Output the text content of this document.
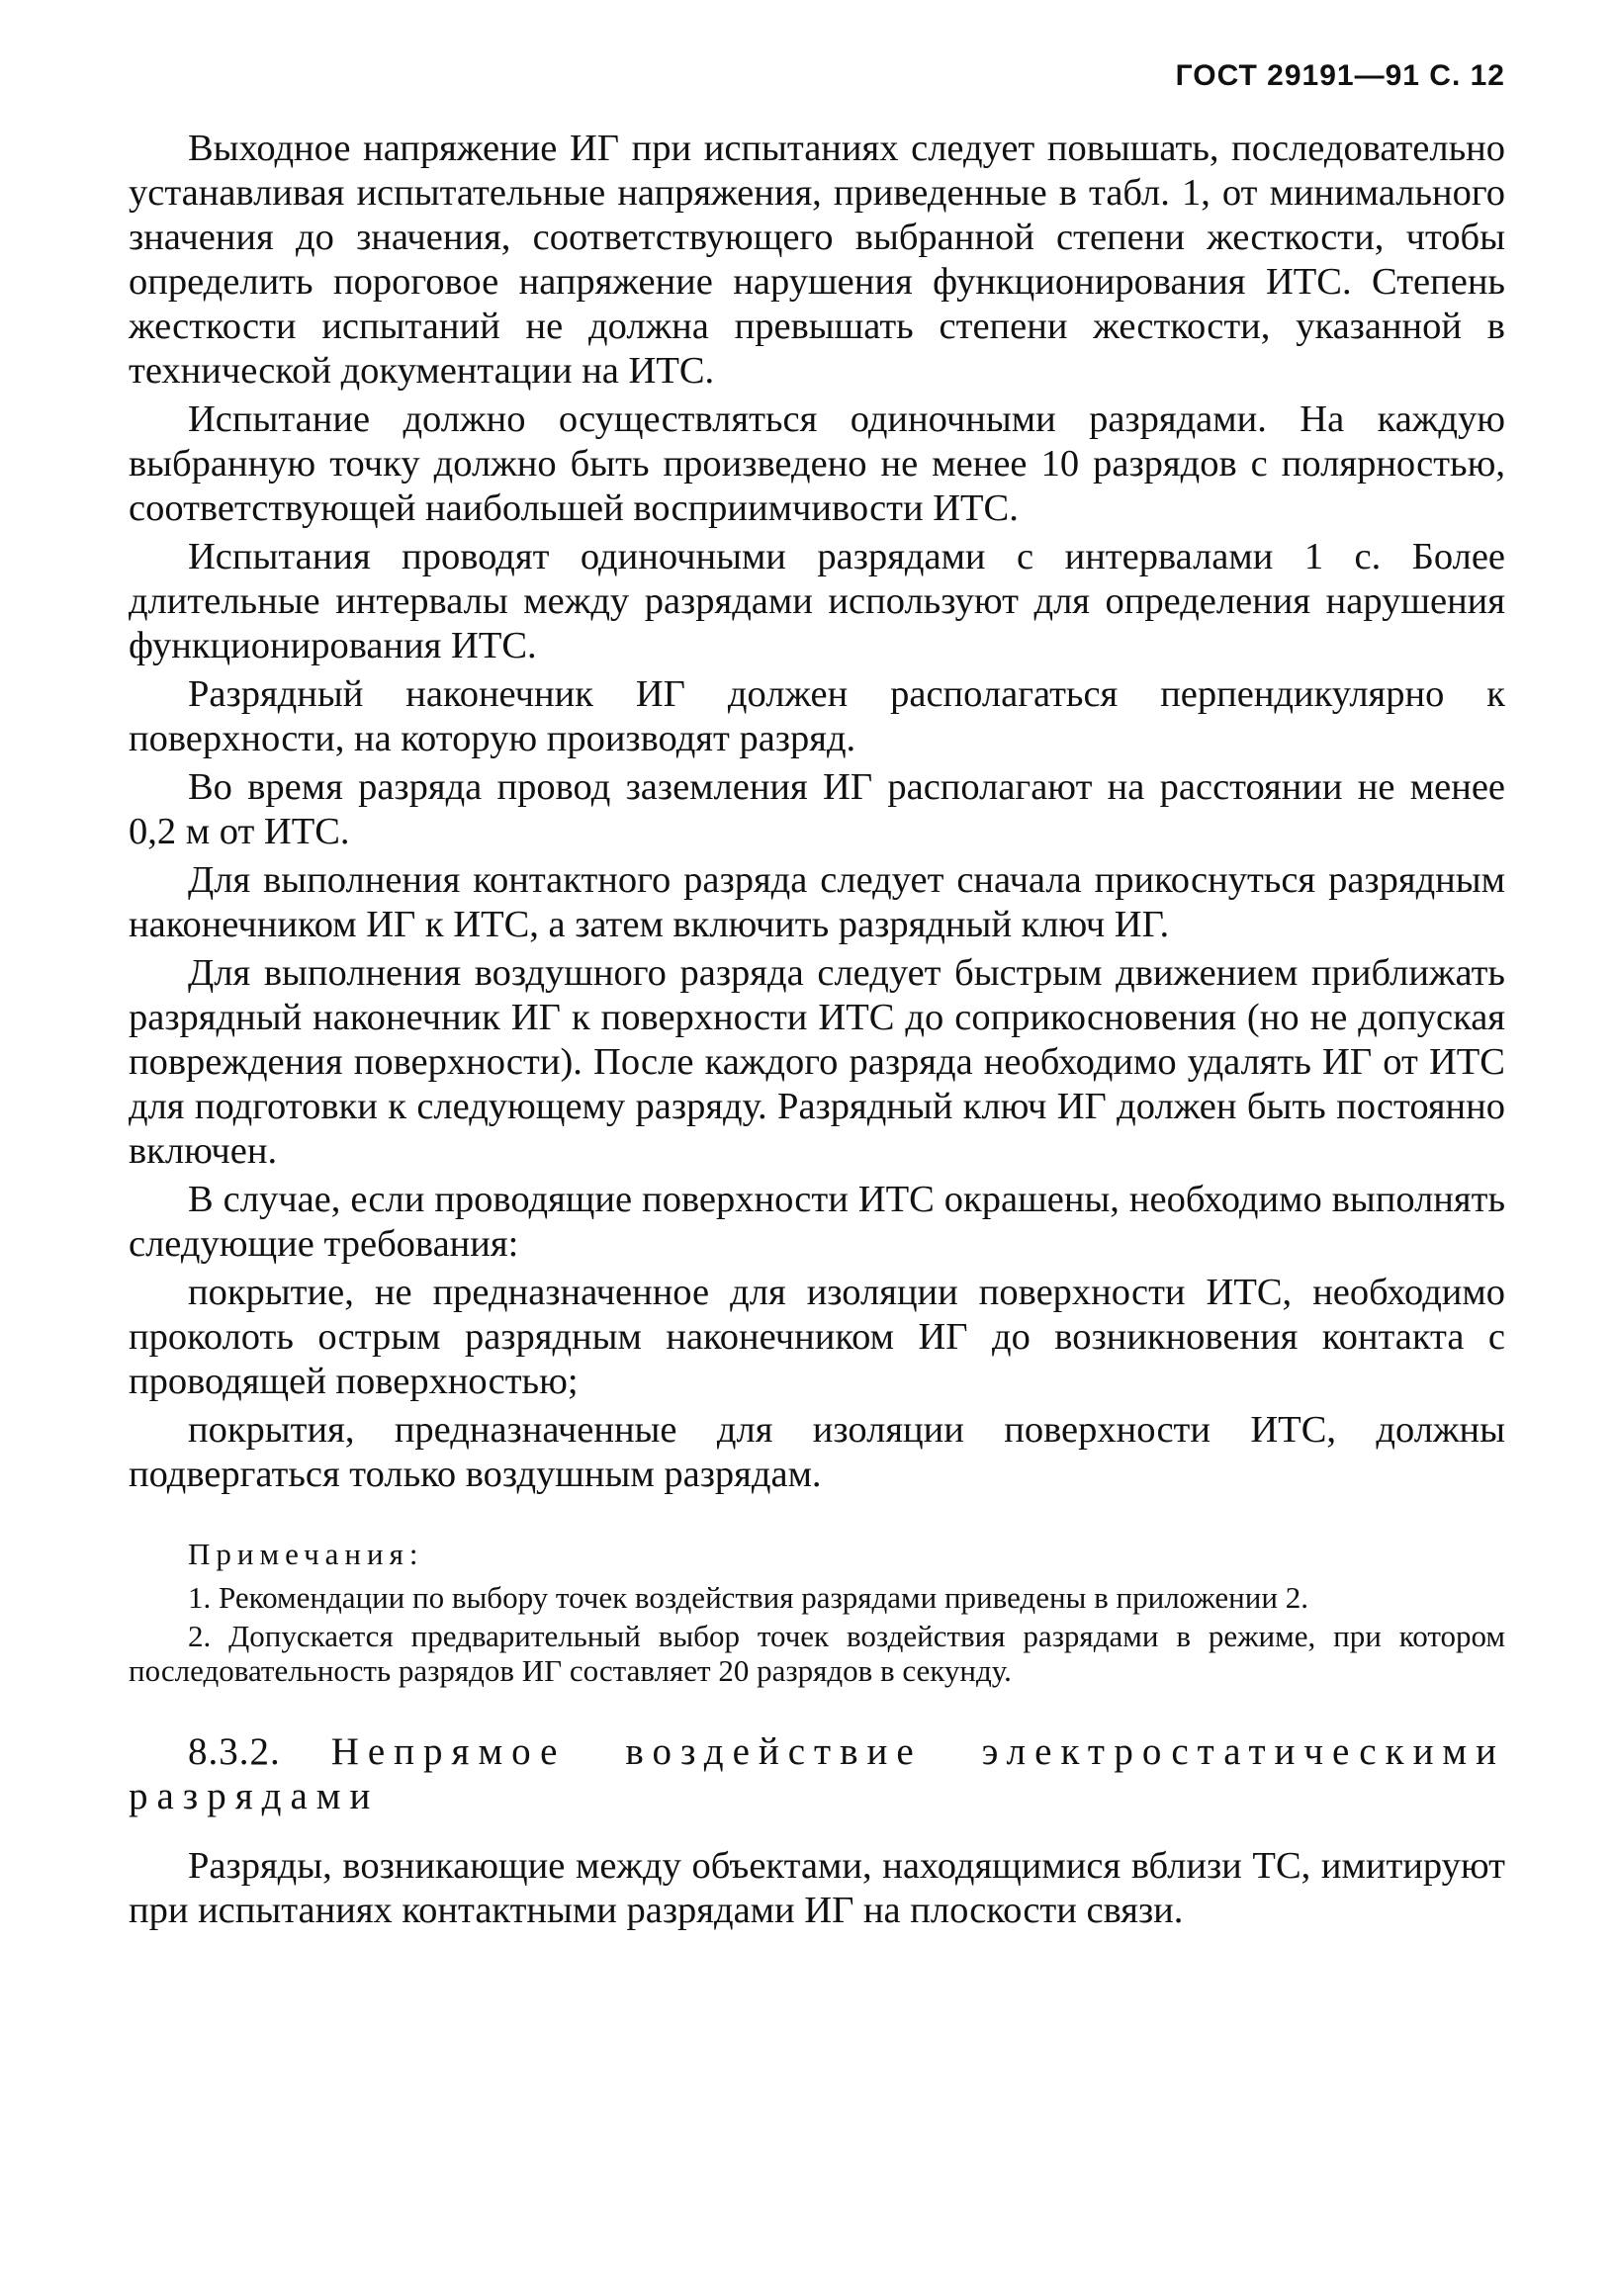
ГОСТ 29191—91 С. 12

Выходное напряжение ИГ при испытаниях следует повышать, последовательно устанавливая испытательные напряжения, приведенные в табл. 1, от минимального значения до значения, соответствующего выбранной степени жесткости, чтобы определить пороговое напряжение нарушения функционирования ИТС. Степень жесткости испытаний не должна превышать степени жесткости, указанной в технической документации на ИТС.

Испытание должно осуществляться одиночными разрядами. На каждую выбранную точку должно быть произведено не менее 10 разрядов с полярностью, соответствующей наибольшей восприимчивости ИТС.

Испытания проводят одиночными разрядами с интервалами 1 с. Более длительные интервалы между разрядами используют для определения нарушения функционирования ИТС.

Разрядный наконечник ИГ должен располагаться перпендикулярно к поверхности, на которую производят разряд.

Во время разряда провод заземления ИГ располагают на расстоянии не менее 0,2 м от ИТС.

Для выполнения контактного разряда следует сначала прикоснуться разрядным наконечником ИГ к ИТС, а затем включить разрядный ключ ИГ.

Для выполнения воздушного разряда следует быстрым движением приближать разрядный наконечник ИГ к поверхности ИТС до соприкосновения (но не допуская повреждения поверхности). После каждого разряда необходимо удалять ИГ от ИТС для подготовки к следующему разряду. Разрядный ключ ИГ должен быть постоянно включен.

В случае, если проводящие поверхности ИТС окрашены, необходимо выполнять следующие требования:

покрытие, не предназначенное для изоляции поверхности ИТС, необходимо проколоть острым разрядным наконечником ИГ до возникновения контакта с проводящей поверхностью;

покрытия, предназначенные для изоляции поверхности ИТС, должны подвергаться только воздушным разрядам.

Примечания:
1. Рекомендации по выбору точек воздействия разрядами приведены в приложении 2.
2. Допускается предварительный выбор точек воздействия разрядами в режиме, при котором последовательность разрядов ИГ составляет 20 разрядов в секунду.
8.3.2. Непрямое воздействие электростатическими разрядами

Разряды, возникающие между объектами, находящимися вблизи ТС, имитируют при испытаниях контактными разрядами ИГ на плоскости связи.
